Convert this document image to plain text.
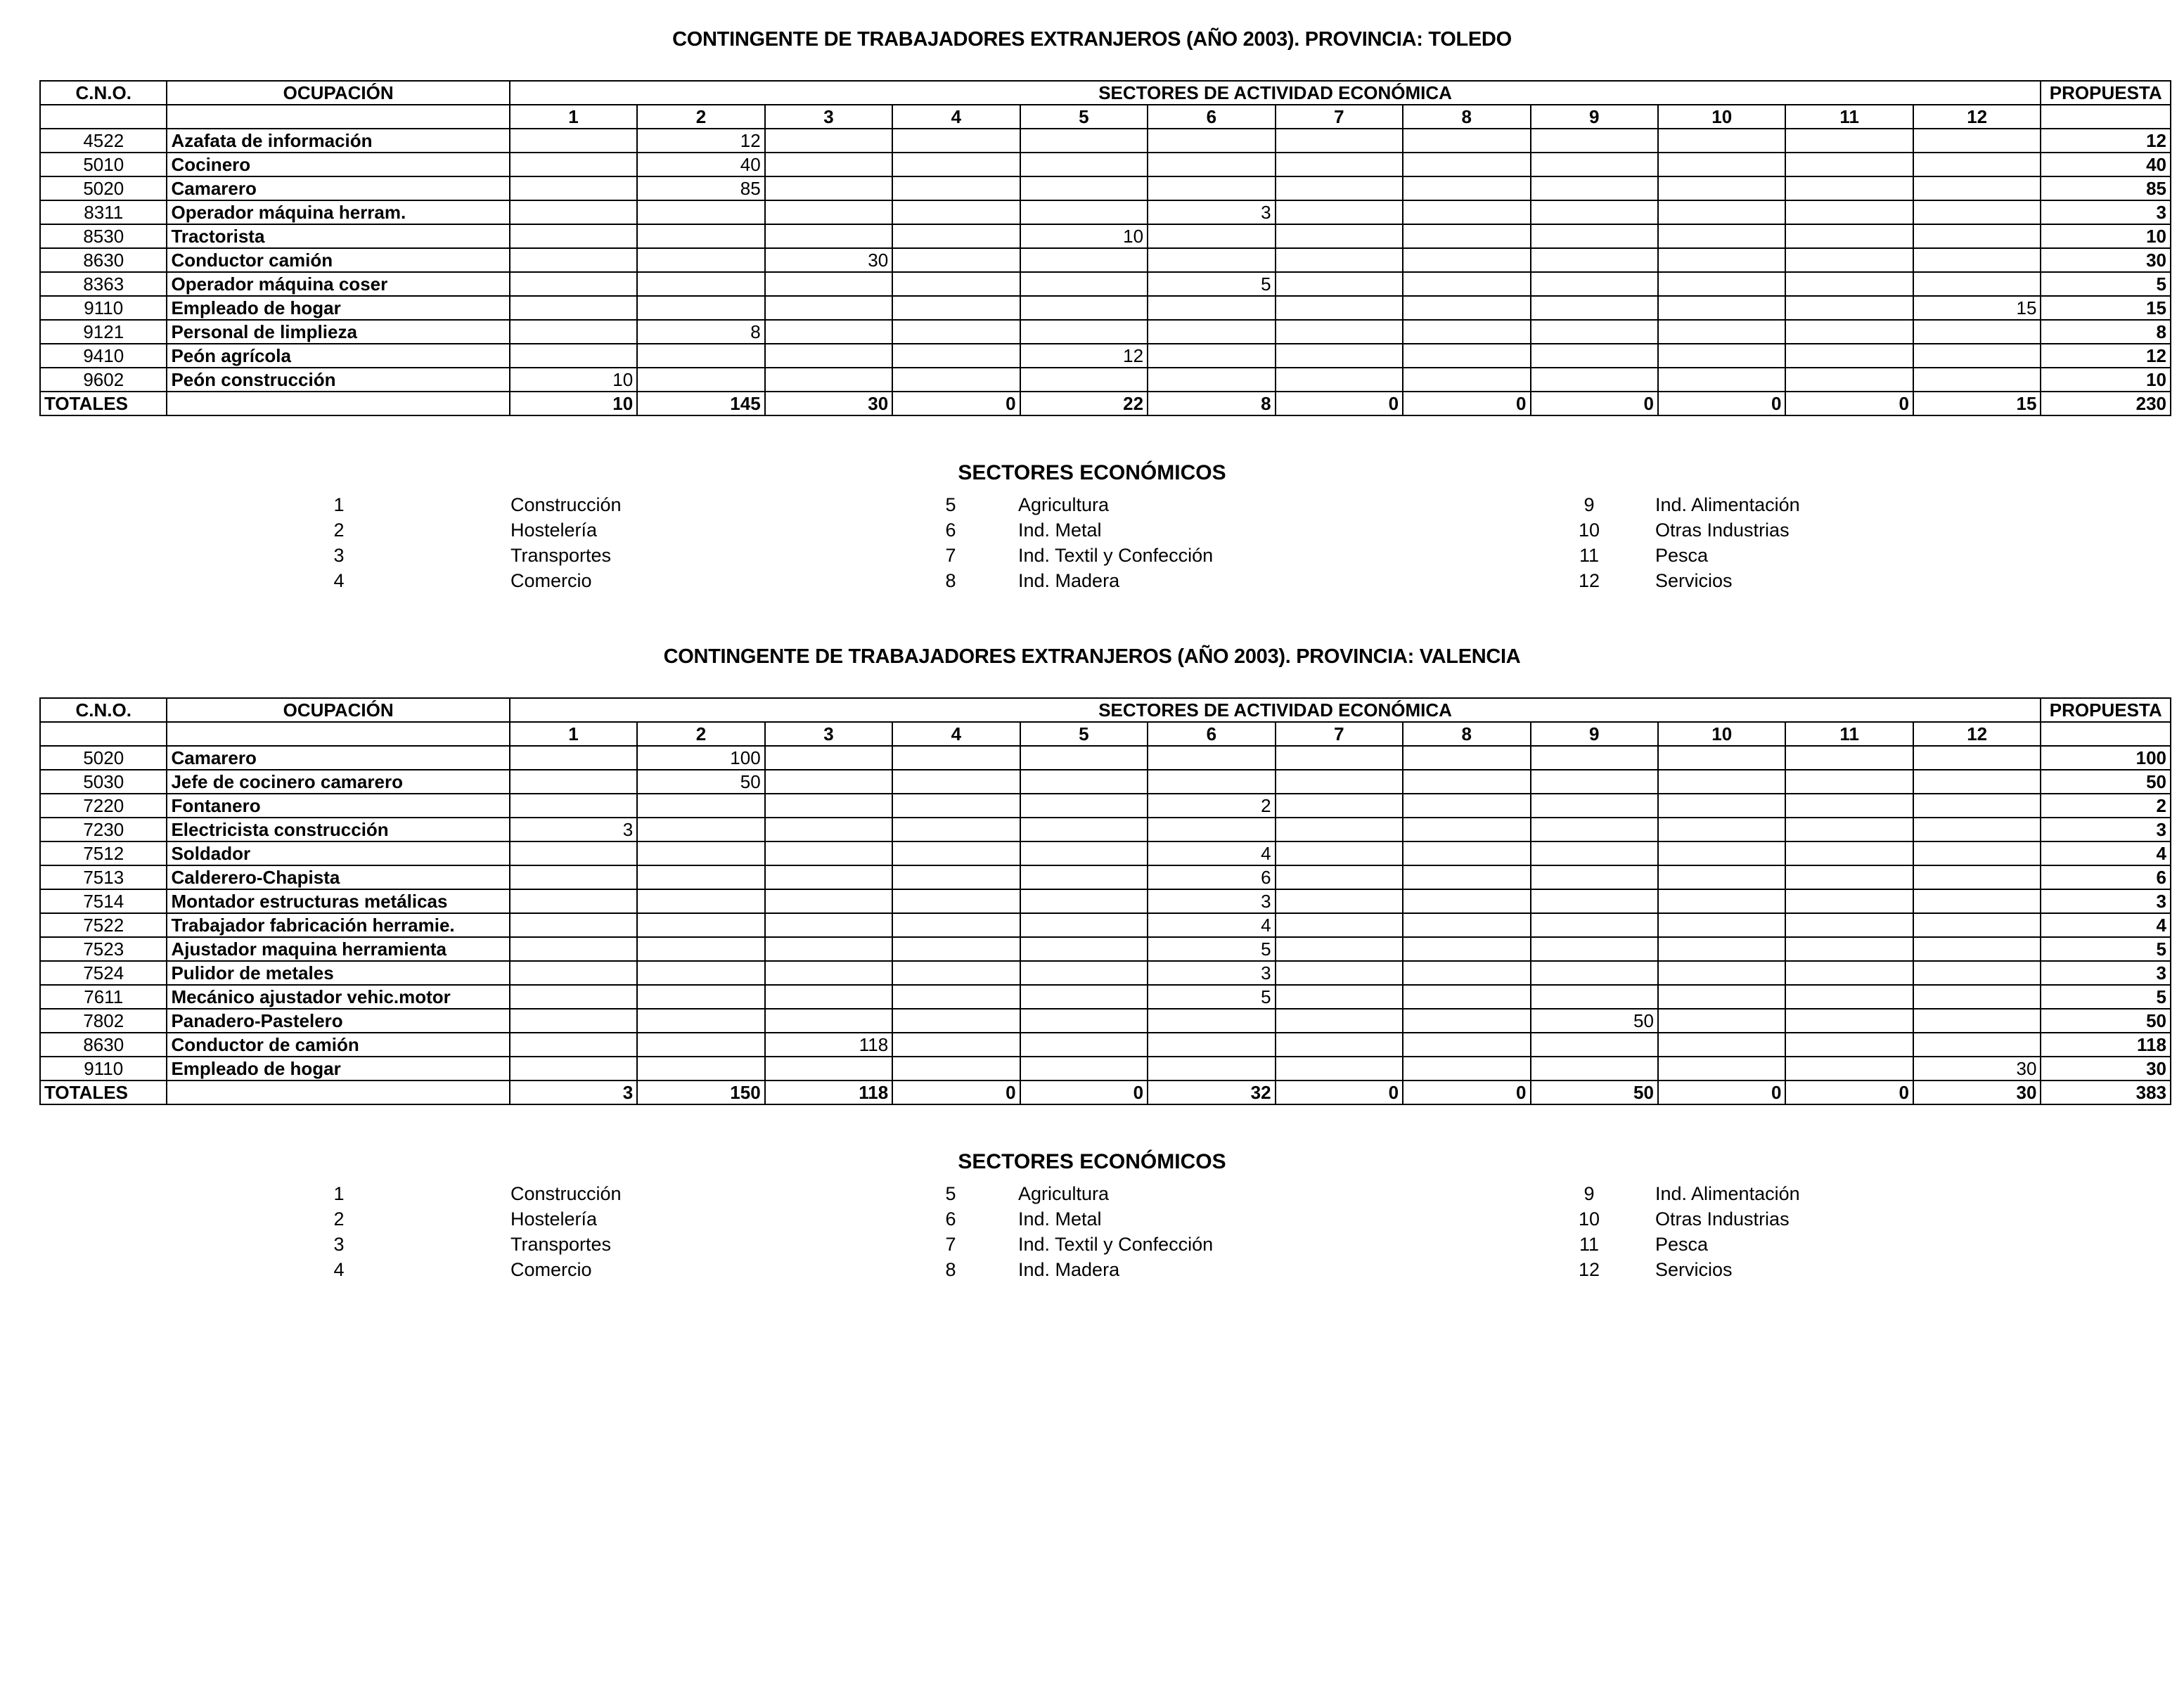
CONTINGENTE DE TRABAJADORES EXTRANJEROS (AÑO 2003). PROVINCIA: TOLEDO
C.N.O.	OCUPACIÓN	SECTORES DE ACTIVIDAD ECONÓMICA												PROPUESTA
		1	2	3	4	5	6	7	8	9	10	11	12	
4522	Azafata de información		12											12
5010	Cocinero		40											40
5020	Camarero		85											85
8311	Operador máquina herram.						3							3
8530	Tractorista					10								10
8630	Conductor camión			30										30
8363	Operador máquina coser						5							5
9110	Empleado de hogar												15	15
9121	Personal de limplieza		8											8
9410	Peón agrícola					12								12
9602	Peón construcción	10												10
TOTALES		10	145	30	0	22	8	0	0	0	0	0	15	230
SECTORES ECONÓMICOS
1	Construcción
2	Hostelería
3	Transportes
4	Comercio
5	Agricultura
6	Ind. Metal
7	Ind. Textil y Confección
8	Ind. Madera
9	Ind. Alimentación
10	Otras Industrias
11	Pesca
12	Servicios
CONTINGENTE DE TRABAJADORES EXTRANJEROS (AÑO 2003). PROVINCIA: VALENCIA
C.N.O.	OCUPACIÓN	SECTORES DE ACTIVIDAD ECONÓMICA												PROPUESTA
		1	2	3	4	5	6	7	8	9	10	11	12	
5020	Camarero		100											100
5030	Jefe de cocinero camarero		50											50
7220	Fontanero						2							2
7230	Electricista construcción	3												3
7512	Soldador						4							4
7513	Calderero-Chapista						6							6
7514	Montador estructuras metálicas						3							3
7522	Trabajador fabricación herramie.						4							4
7523	Ajustador maquina herramienta						5							5
7524	Pulidor de metales						3							3
7611	Mecánico ajustador vehic.motor						5							5
7802	Panadero-Pastelero									50				50
8630	Conductor de camión			118										118
9110	Empleado de hogar												30	30
TOTALES		3	150	118	0	0	32	0	0	50	0	0	30	383
SECTORES ECONÓMICOS
1	Construcción
2	Hostelería
3	Transportes
4	Comercio
5	Agricultura
6	Ind. Metal
7	Ind. Textil y Confección
8	Ind. Madera
9	Ind. Alimentación
10	Otras Industrias
11	Pesca
12	Servicios
